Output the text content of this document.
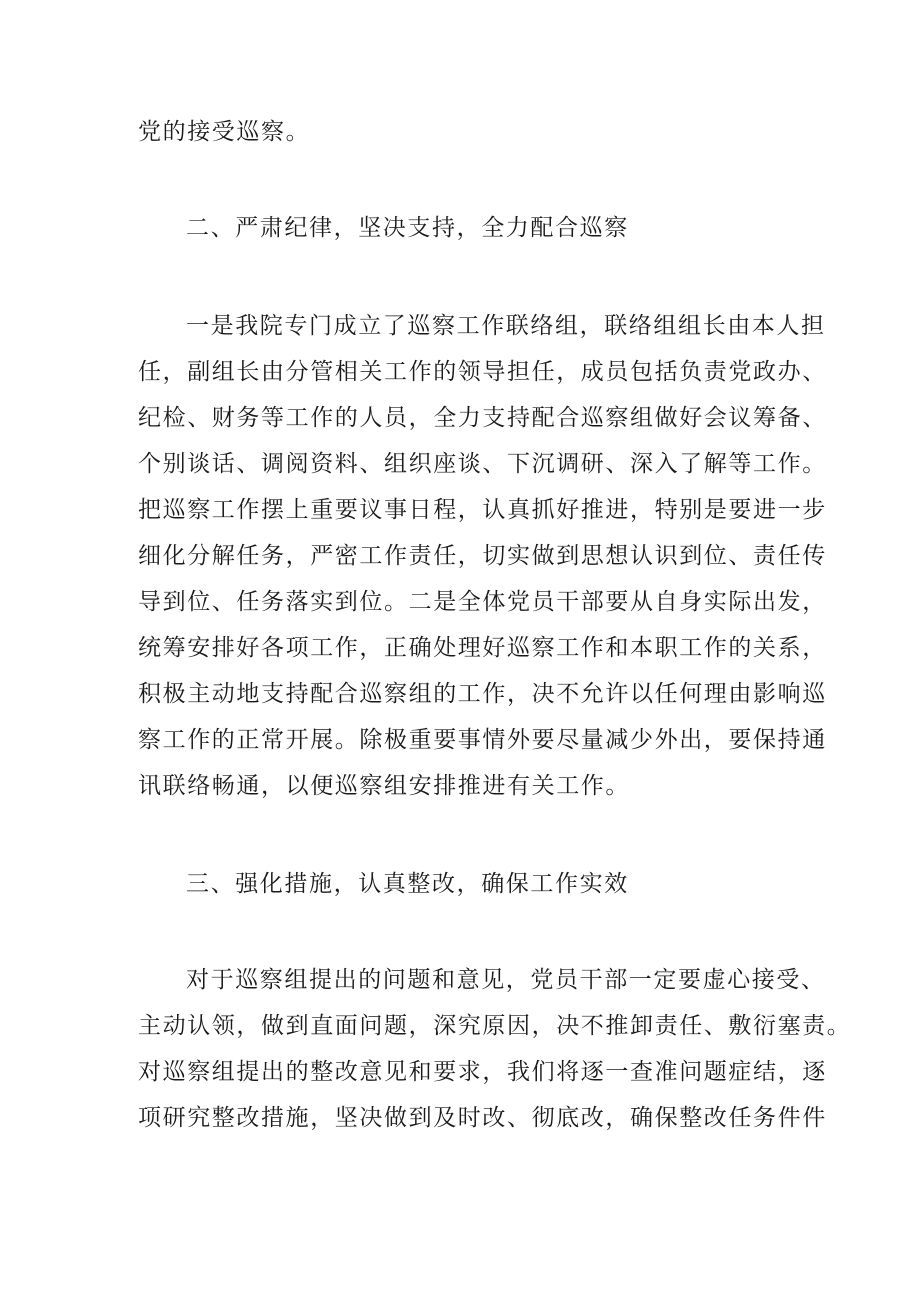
党的接受巡察。
二、严肃纪律，坚决支持，全力配合巡察
一是我院专门成立了巡察工作联络组，联络组组长由本人担
任，副组长由分管相关工作的领导担任，成员包括负责党政办、
纪检、财务等工作的人员，全力支持配合巡察组做好会议筹备、
个别谈话、调阅资料、组织座谈、下沉调研、深入了解等工作。
把巡察工作摆上重要议事日程，认真抓好推进，特别是要进一步
细化分解任务，严密工作责任，切实做到思想认识到位、责任传
导到位、任务落实到位。二是全体党员干部要从自身实际出发，
统筹安排好各项工作，正确处理好巡察工作和本职工作的关系，
积极主动地支持配合巡察组的工作，决不允许以任何理由影响巡
察工作的正常开展。除极重要事情外要尽量减少外出，要保持通
讯联络畅通，以便巡察组安排推进有关工作。
三、强化措施，认真整改，确保工作实效
对于巡察组提出的问题和意见，党员干部一定要虚心接受、
主动认领，做到直面问题，深究原因，决不推卸责任、敷衍塞责。
对巡察组提出的整改意见和要求，我们将逐一查准问题症结，逐
项研究整改措施，坚决做到及时改、彻底改，确保整改任务件件
